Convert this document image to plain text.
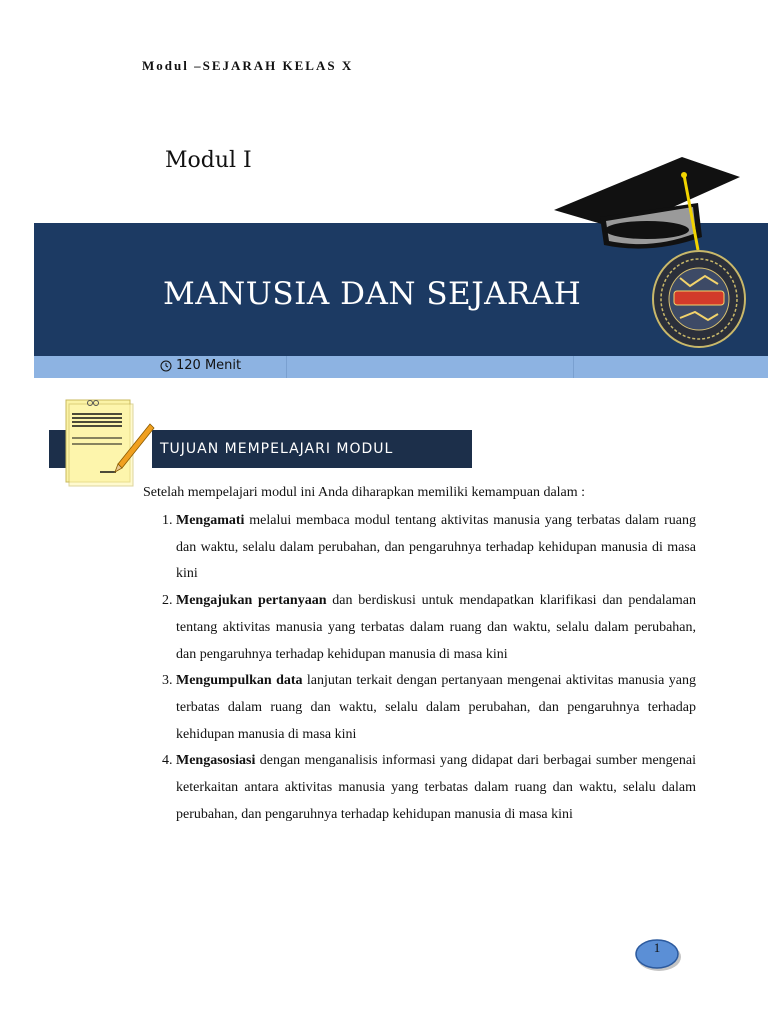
Modul –SEJARAH KELAS X
Modul I
MANUSIA DAN SEJARAH
120 Menit
TUJUAN MEMPELAJARI MODUL
Setelah mempelajari modul ini Anda diharapkan memiliki kemampuan dalam :
1. Mengamati melalui membaca modul tentang aktivitas manusia yang terbatas dalam ruang dan waktu, selalu dalam perubahan, dan pengaruhnya terhadap kehidupan manusia di masa kini
2. Mengajukan pertanyaan dan berdiskusi untuk mendapatkan klarifikasi dan pendalaman tentang aktivitas manusia yang terbatas dalam ruang dan waktu, selalu dalam perubahan, dan pengaruhnya terhadap kehidupan manusia di masa kini
3. Mengumpulkan data lanjutan terkait dengan pertanyaan mengenai aktivitas manusia yang terbatas dalam ruang dan waktu, selalu dalam perubahan, dan pengaruhnya terhadap kehidupan manusia di masa kini
4. Mengasosiasi dengan menganalisis informasi yang didapat dari berbagai sumber mengenai keterkaitan antara aktivitas manusia yang terbatas dalam ruang dan waktu, selalu dalam perubahan, dan pengaruhnya terhadap kehidupan manusia di masa kini
1
